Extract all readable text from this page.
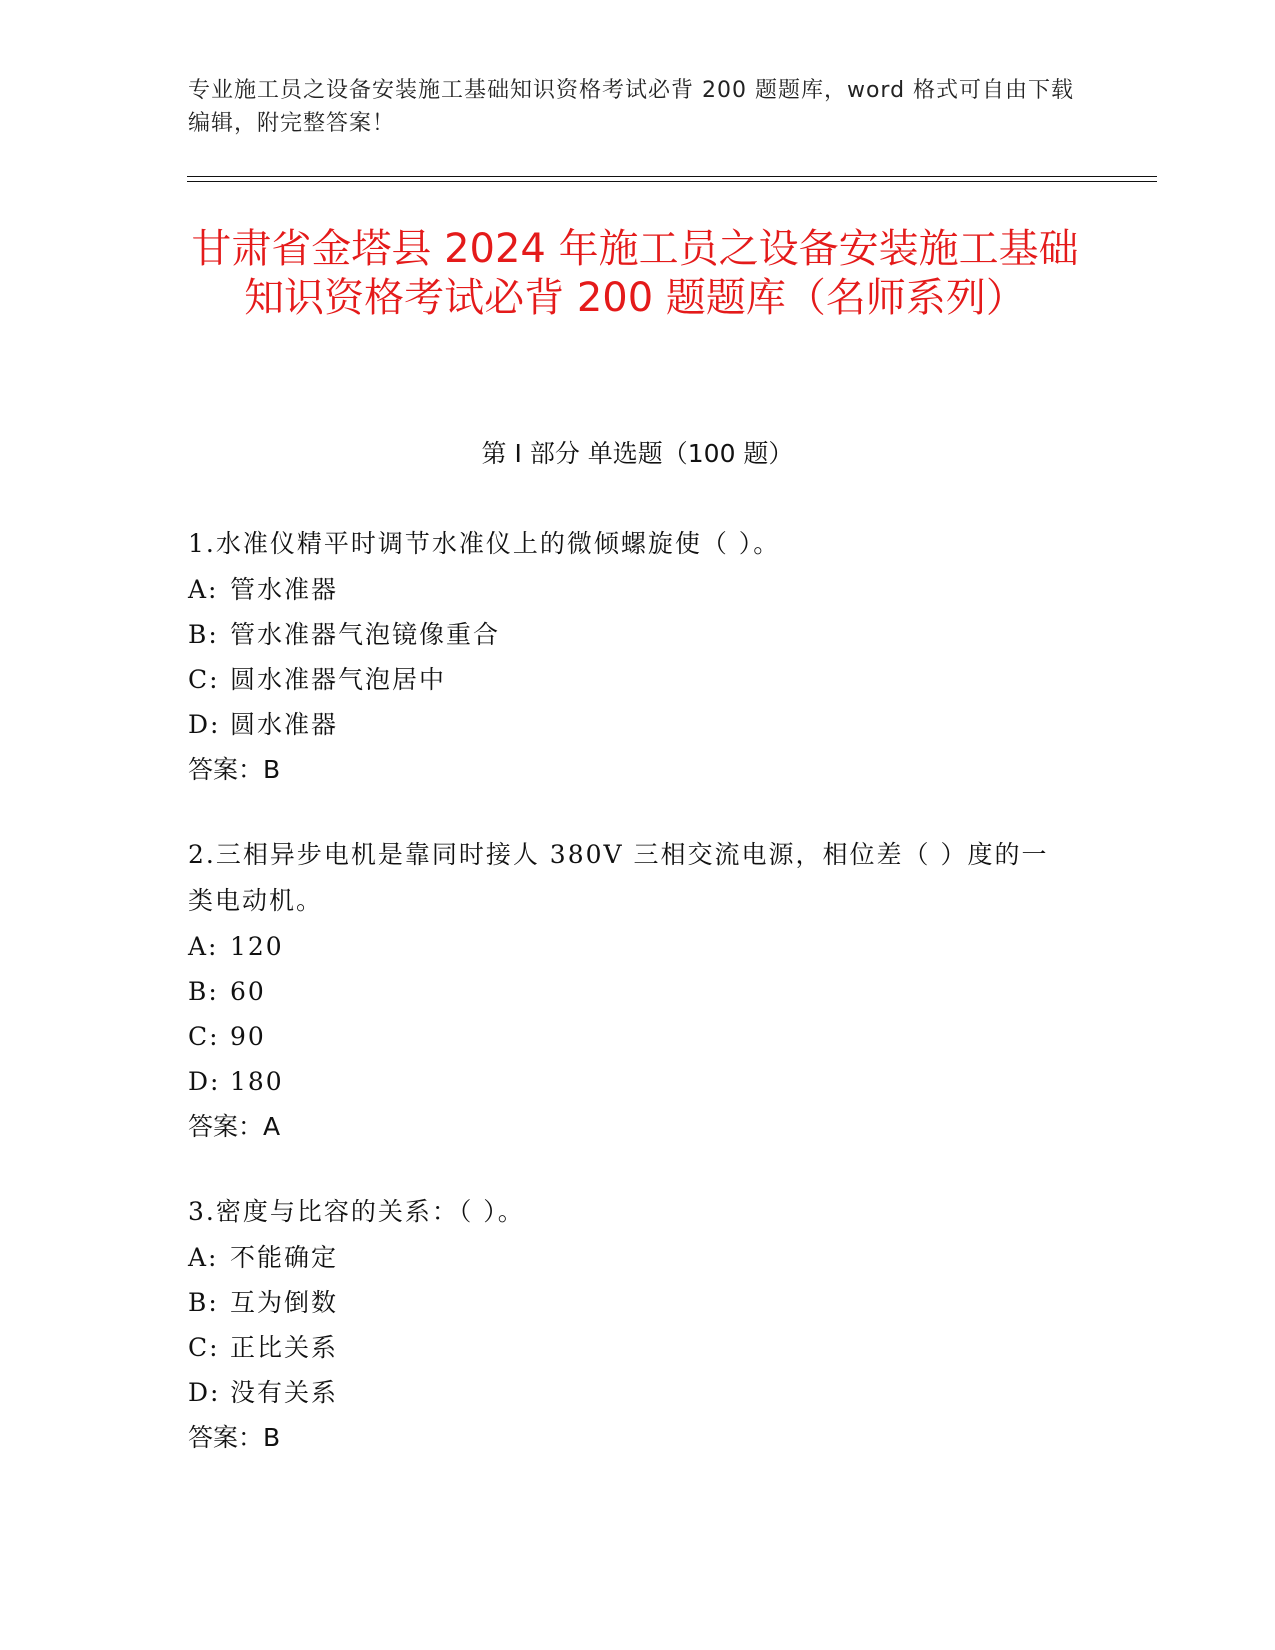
专业施工员之设备安装施工基础知识资格考试必背 200 题题库，word 格式可自由下载编辑，附完整答案！
甘肃省金塔县 2024 年施工员之设备安装施工基础知识资格考试必背 200 题题库（名师系列）
第 I 部分 单选题（100 题）
1.水准仪精平时调节水准仪上的微倾螺旋使（ ）。
A: 管水准器
B: 管水准器气泡镜像重合
C: 圆水准器气泡居中
D: 圆水准器
答案：B
2.三相异步电机是靠同时接人 380V 三相交流电源，相位差（ ）度的一类电动机。
A: 120
B: 60
C: 90
D: 180
答案：A
3.密度与比容的关系：（ ）。
A: 不能确定
B: 互为倒数
C: 正比关系
D: 没有关系
答案：B
